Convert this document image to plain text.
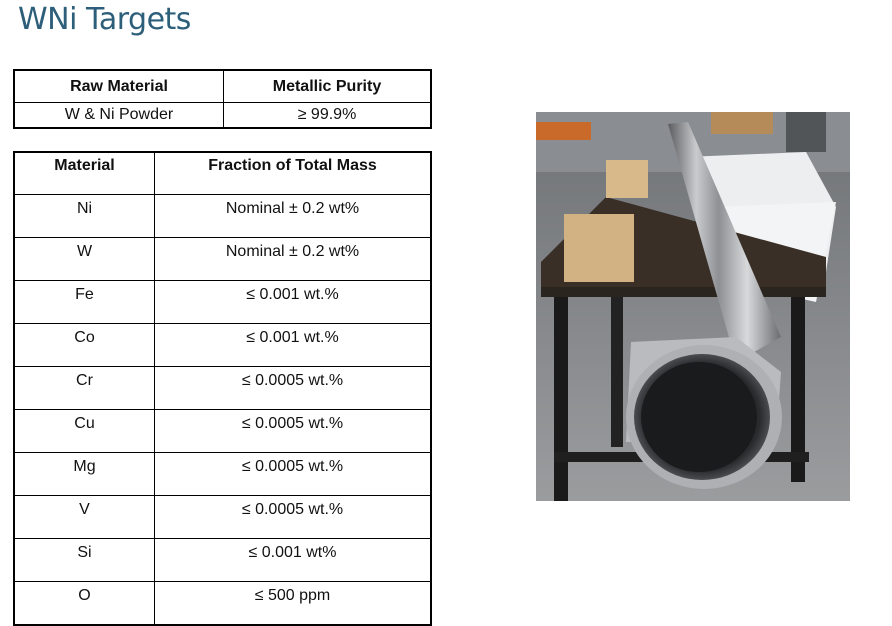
WNi Targets
Raw Material	Metallic Purity
W & Ni Powder	≥ 99.9%
Material	Fraction of Total Mass
Ni	Nominal ± 0.2 wt%
W	Nominal ± 0.2 wt%
Fe	≤ 0.001 wt.%
Co	≤ 0.001 wt.%
Cr	≤ 0.0005 wt.%
Cu	≤ 0.0005 wt.%
Mg	≤ 0.0005 wt.%
V	≤ 0.0005 wt.%
Si	≤ 0.001 wt%
O	≤ 500 ppm
